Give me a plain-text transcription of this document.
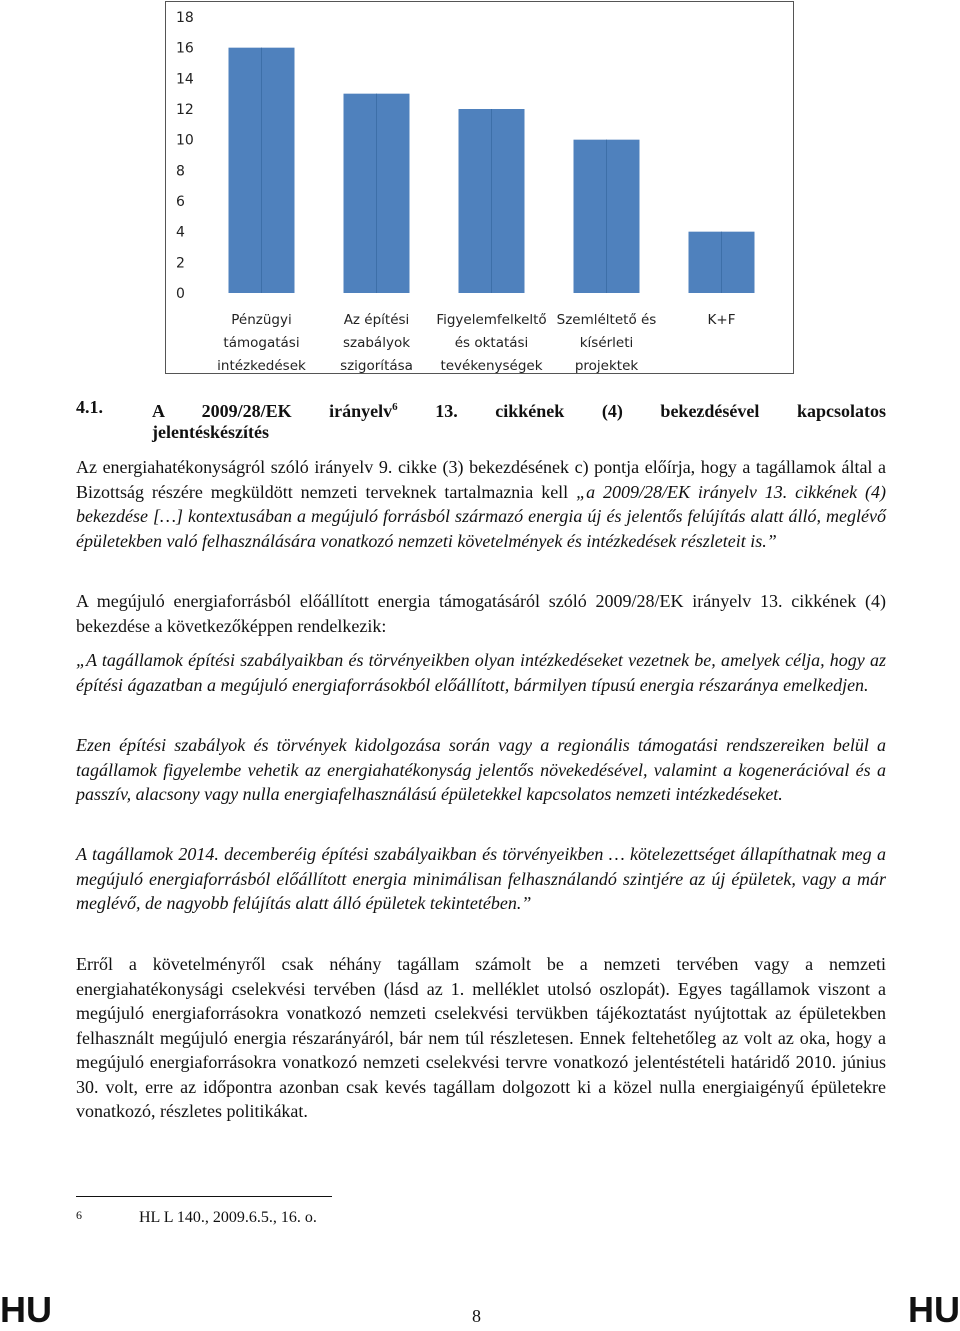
0
2
4
6
8
10
12
14
16
18
Pénzügyi
támogatási
intézkedések
Az építési
szabályok
szigorítása
Figyelemfelkeltő
és oktatási
tevékenységek
Szemléltető és
kísérleti
projektek
K+F
4.1.	A 2009/28/EK irányelv$^6$ 13. cikkének (4) bekezdésével kapcsolatos
jelentéskészítés

Az energiahatékonyságról szóló irányelv 9. cikke (3) bekezdésének c) pontja előírja, hogy a tagállamok által a Bizottság részére megküldött nemzeti terveknek tartalmaznia kell „a 2009/28/EK irányelv 13. cikkének (4) bekezdése […] kontextusában a megújuló forrásból származó energia új és jelentős felújítás alatt álló, meglévő épületekben való felhasználására vonatkozó nemzeti követelmények és intézkedések részleteit is.”

A megújuló energiaforrásból előállított energia támogatásáról szóló 2009/28/EK irányelv 13. cikkének (4) bekezdése a következőképpen rendelkezik:

„A tagállamok építési szabályaikban és törvényeikben olyan intézkedéseket vezetnek be, amelyek célja, hogy az építési ágazatban a megújuló energiaforrásokból előállított, bármilyen típusú energia részaránya emelkedjen.

Ezen építési szabályok és törvények kidolgozása során vagy a regionális támogatási rendszereiken belül a tagállamok figyelembe vehetik az energiahatékonyság jelentős növekedésével, valamint a kogenerációval és a passzív, alacsony vagy nulla energiafelhasználású épületekkel kapcsolatos nemzeti intézkedéseket.

A tagállamok 2014. decemberéig építési szabályaikban és törvényeikben … kötelezettséget állapíthatnak meg a megújuló energiaforrásból előállított energia minimálisan felhasználandó szintjére az új épületek, vagy a már meglévő, de nagyobb felújítás alatt álló épületek tekintetében.”

Erről a követelményről csak néhány tagállam számolt be a nemzeti tervében vagy a nemzeti energiahatékonysági cselekvési tervében (lásd az 1. melléklet utolsó oszlopát). Egyes tagállamok viszont a megújuló energiaforrásokra vonatkozó nemzeti cselekvési tervükben tájékoztatást nyújtottak az épületekben felhasznált megújuló energia részarányáról, bár nem túl részletesen. Ennek feltehetőleg az volt az oka, hogy a megújuló energiaforrásokra vonatkozó nemzeti cselekvési tervre vonatkozó jelentéstételi határidő 2010. június 30. volt, erre az időpontra azonban csak kevés tagállam dolgozott ki a közel nulla energiaigényű épületekre vonatkozó, részletes politikákat.

6	HL L 140., 2009.6.5., 16. o.
HU	8	HU
